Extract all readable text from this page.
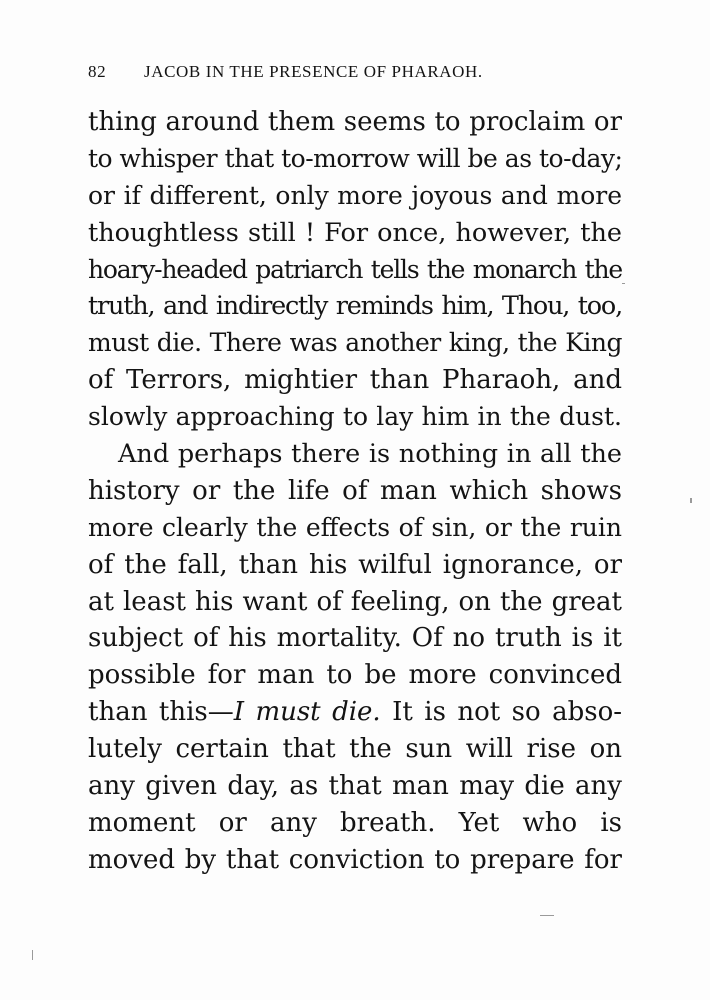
82 JACOB IN THE PRESENCE OF PHARAOH.
thing around them seems to proclaim or
to whisper that to-morrow will be as to-day;
or if different, only more joyous and more
thoughtless still ! For once, however, the
hoary-headed patriarch tells the monarch the
truth, and indirectly reminds him, Thou, too,
must die. There was another king, the King
of Terrors, mightier than Pharaoh, and
slowly approaching to lay him in the dust.
And perhaps there is nothing in all the
history or the life of man which shows
more clearly the effects of sin, or the ruin
of the fall, than his wilful ignorance, or
at least his want of feeling, on the great
subject of his mortality. Of no truth is it
possible for man to be more convinced
than this—I must die. It is not so abso-
lutely certain that the sun will rise on
any given day, as that man may die any
moment or any breath. Yet who is
moved by that conviction to prepare for
